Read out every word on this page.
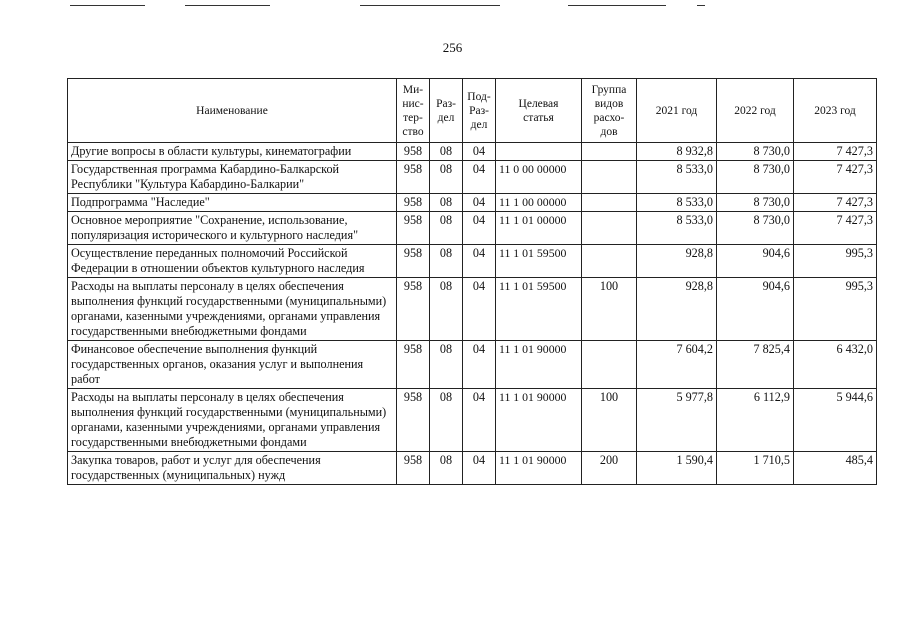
256
Наименование	Ми-
нис-
тер-
ство	Раз-
дел	Под-
Раз-
дел	Целевая
статья	Группа
видов
расхо-
дов	2021 год	2022 год	2023 год
Другие вопросы в области культуры, кинематографии	958	08	04			8 932,8	8 730,0	7 427,3
Государственная программа Кабардино-Балкарской Республики "Культура Кабардино-Балкарии"	958	08	04	11 0 00 00000		8 533,0	8 730,0	7 427,3
Подпрограмма "Наследие"	958	08	04	11 1 00 00000		8 533,0	8 730,0	7 427,3
Основное мероприятие "Сохранение, использование, популяризация исторического и культурного наследия"	958	08	04	11 1 01 00000		8 533,0	8 730,0	7 427,3
Осуществление переданных полномочий Российской Федерации в отношении объектов культурного наследия	958	08	04	11 1 01 59500		928,8	904,6	995,3
Расходы на выплаты персоналу в целях обеспечения выполнения функций государственными (муниципальными) органами, казенными учреждениями, органами управления государственными внебюджетными фондами	958	08	04	11 1 01 59500	100	928,8	904,6	995,3
Финансовое обеспечение выполнения функций государственных органов, оказания услуг и выполнения работ	958	08	04	11 1 01 90000		7 604,2	7 825,4	6 432,0
Расходы на выплаты персоналу в целях обеспечения выполнения функций государственными (муниципальными) органами, казенными учреждениями, органами управления государственными внебюджетными фондами	958	08	04	11 1 01 90000	100	5 977,8	6 112,9	5 944,6
Закупка товаров, работ и услуг для обеспечения государственных (муниципальных) нужд	958	08	04	11 1 01 90000	200	1 590,4	1 710,5	485,4
